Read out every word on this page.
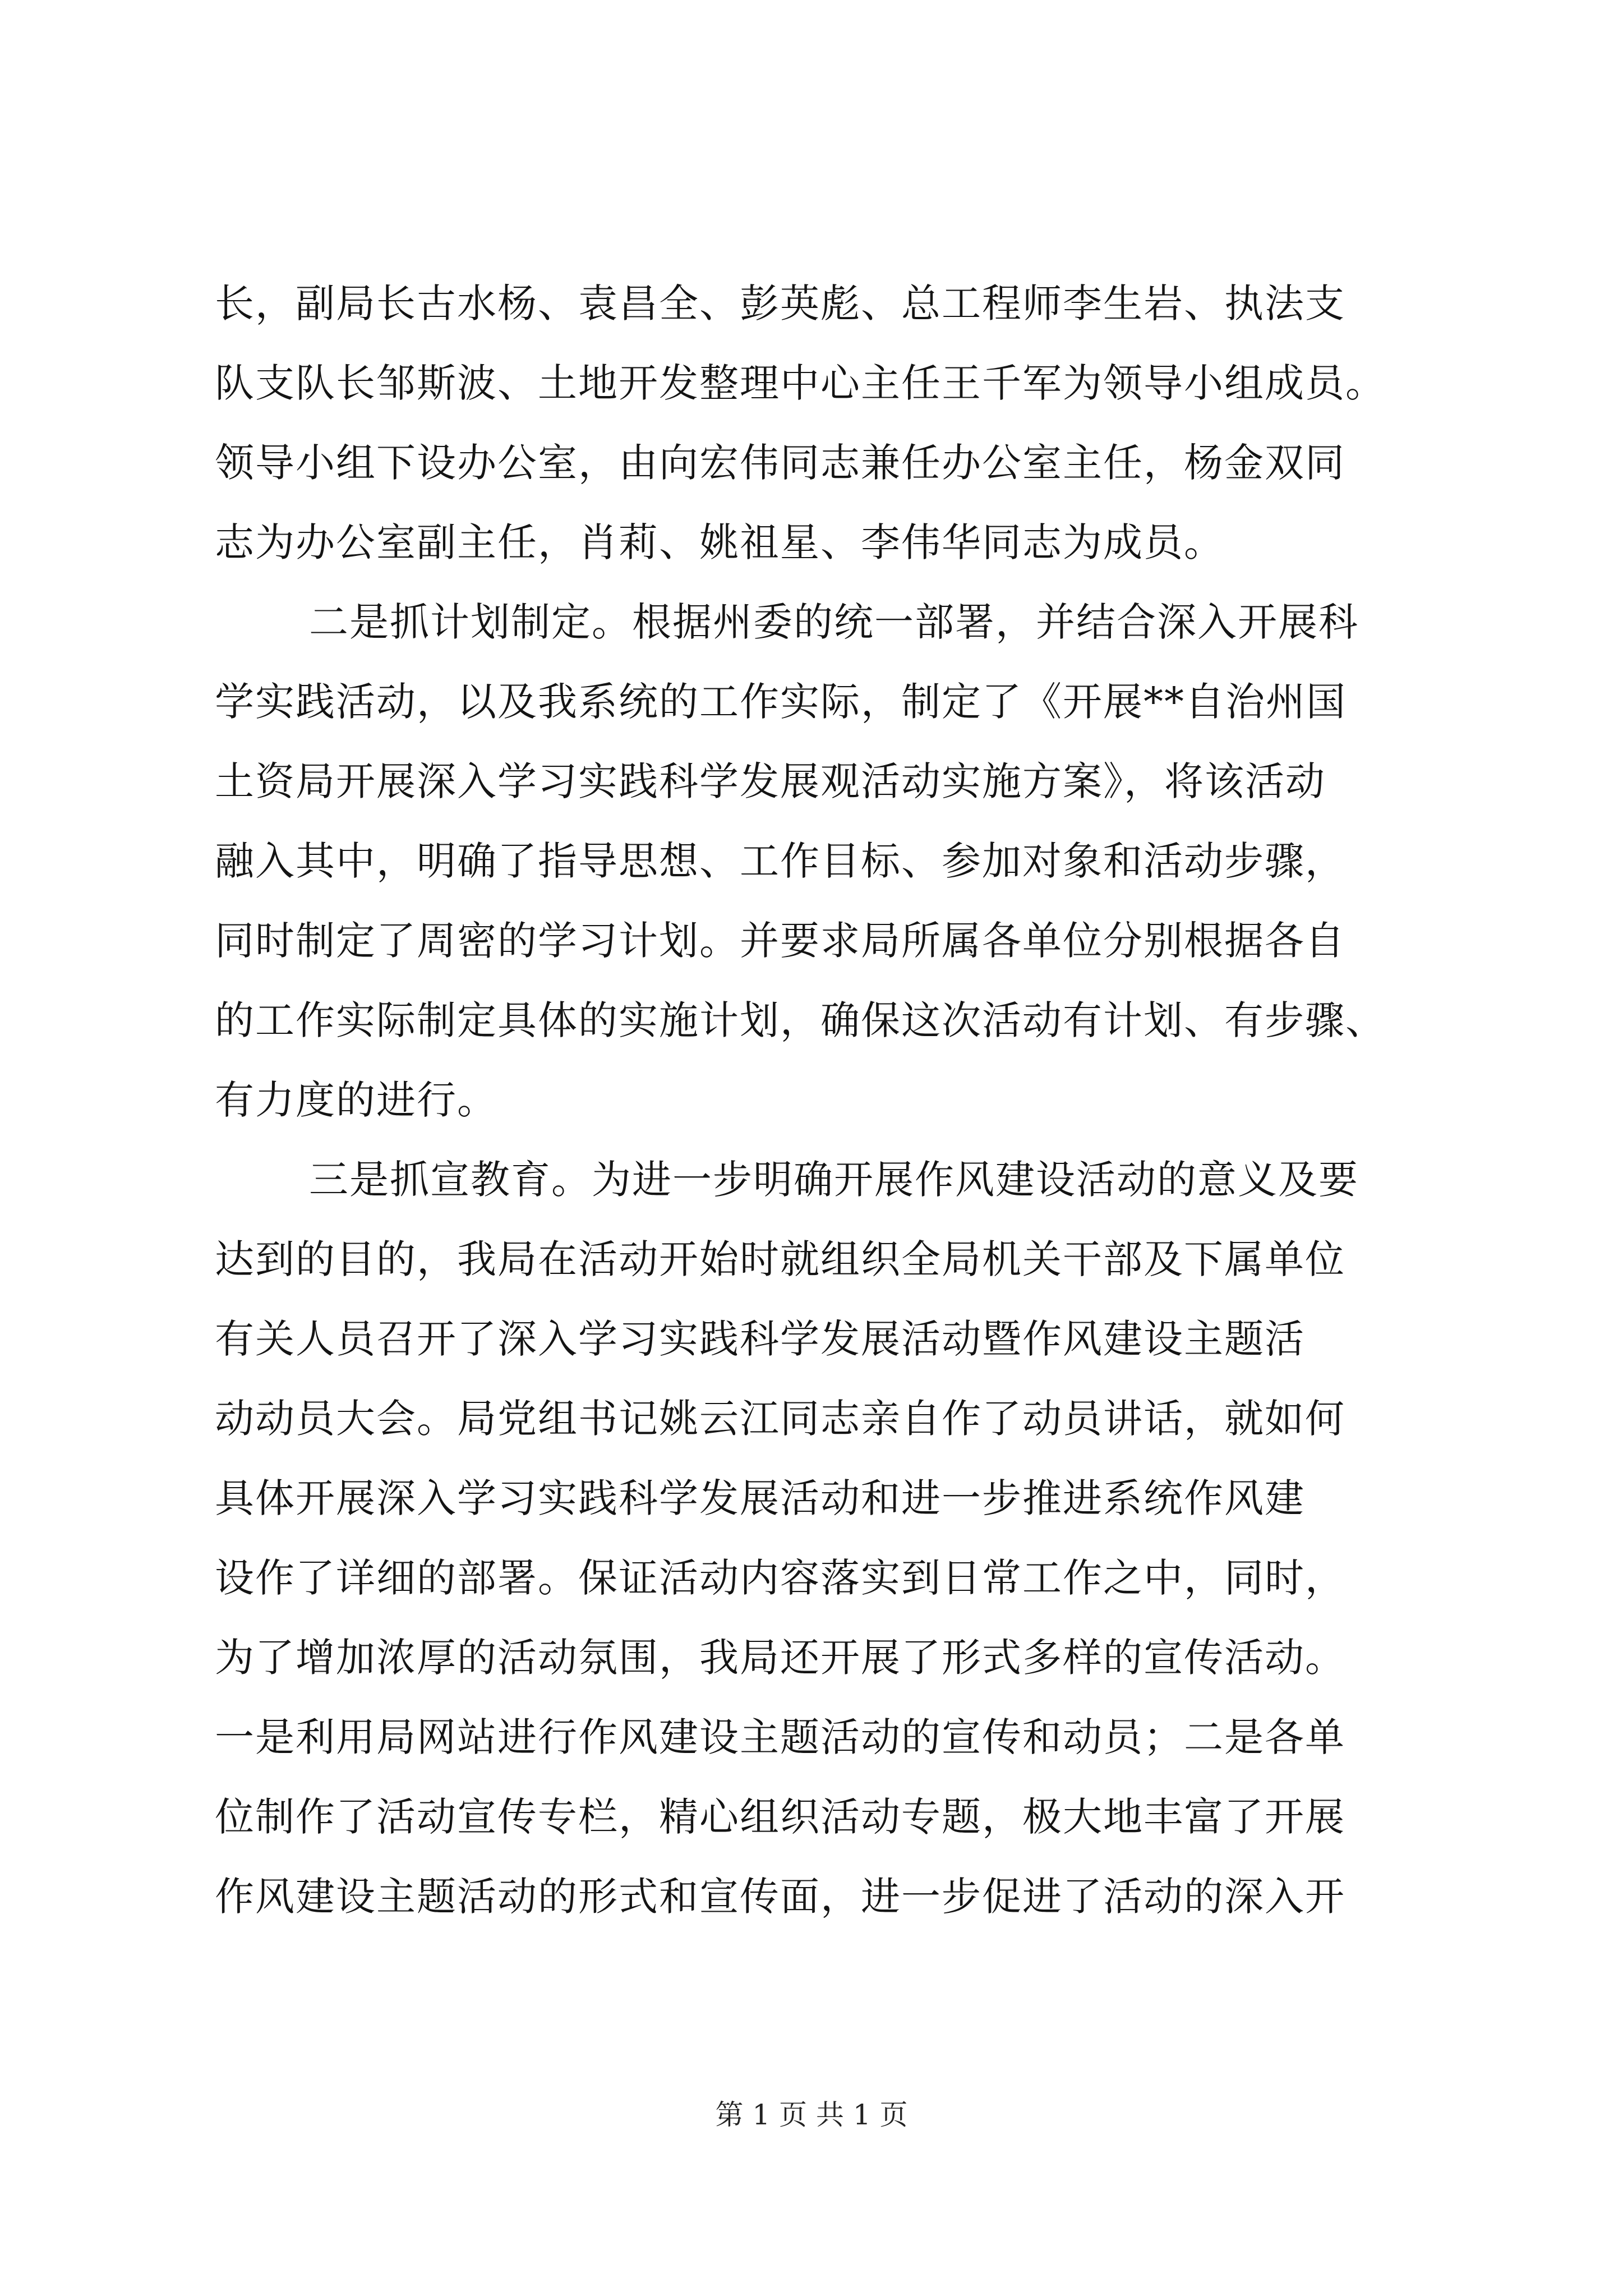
长，副局长古水杨、袁昌全、彭英彪、总工程师李生岩、执法支
队支队长邹斯波、土地开发整理中心主任王千军为领导小组成员。
领导小组下设办公室，由向宏伟同志兼任办公室主任，杨金双同
志为办公室副主任，肖莉、姚祖星、李伟华同志为成员。
二是抓计划制定。根据州委的统一部署，并结合深入开展科
学实践活动，以及我系统的工作实际，制定了《开展**自治州国
土资局开展深入学习实践科学发展观活动实施方案》，将该活动
融入其中，明确了指导思想、工作目标、参加对象和活动步骤，
同时制定了周密的学习计划。并要求局所属各单位分别根据各自
的工作实际制定具体的实施计划，确保这次活动有计划、有步骤、
有力度的进行。
三是抓宣教育。为进一步明确开展作风建设活动的意义及要
达到的目的，我局在活动开始时就组织全局机关干部及下属单位
有关人员召开了深入学习实践科学发展活动暨作风建设主题活
动动员大会。局党组书记姚云江同志亲自作了动员讲话，就如何
具体开展深入学习实践科学发展活动和进一步推进系统作风建
设作了详细的部署。保证活动内容落实到日常工作之中，同时，
为了增加浓厚的活动氛围，我局还开展了形式多样的宣传活动。
一是利用局网站进行作风建设主题活动的宣传和动员；二是各单
位制作了活动宣传专栏，精心组织活动专题，极大地丰富了开展
作风建设主题活动的形式和宣传面，进一步促进了活动的深入开
第 1 页 共 1 页
